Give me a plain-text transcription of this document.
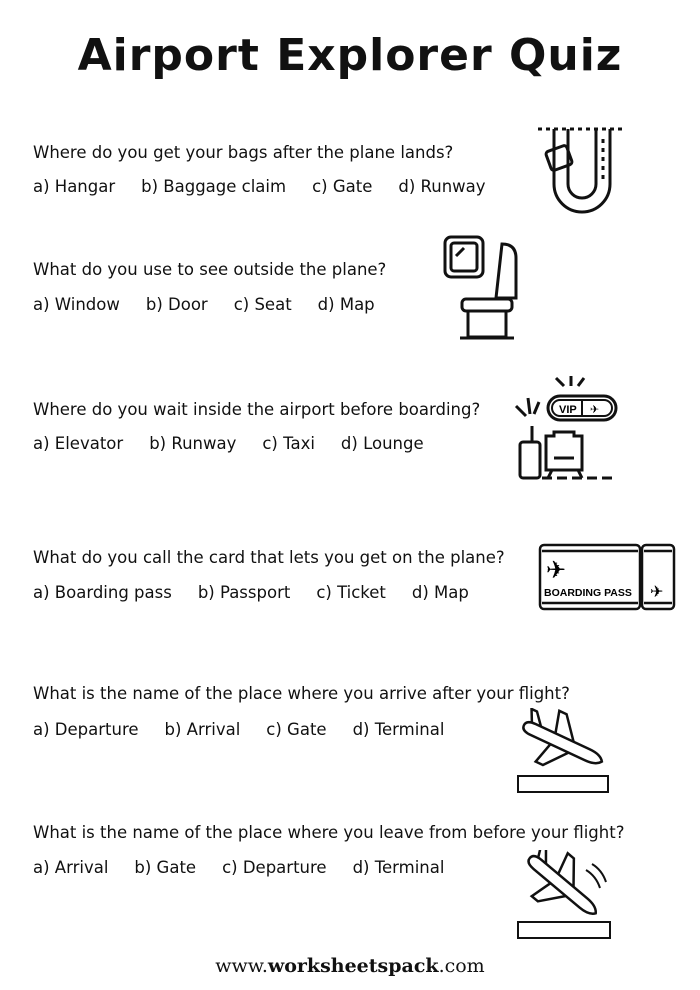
Airport Explorer Quiz
Where do you get your bags after the plane lands?
a) Hangar b) Baggage claim c) Gate d) Runway
What do you use to see outside the plane?
a) Window b) Door c) Seat d) Map
Where do you wait inside the airport before boarding?
a) Elevator b) Runway c) Taxi d) Lounge
VIP ✈
What do you call the card that lets you get on the plane?
a) Boarding pass b) Passport c) Ticket d) Map
✈
✈
BOARDING PASS
What is the name of the place where you arrive after your flight?
a) Departure b) Arrival c) Gate d) Terminal
What is the name of the place where you leave from before your flight?
a) Arrival b) Gate c) Departure d) Terminal
www.worksheetspack.com
